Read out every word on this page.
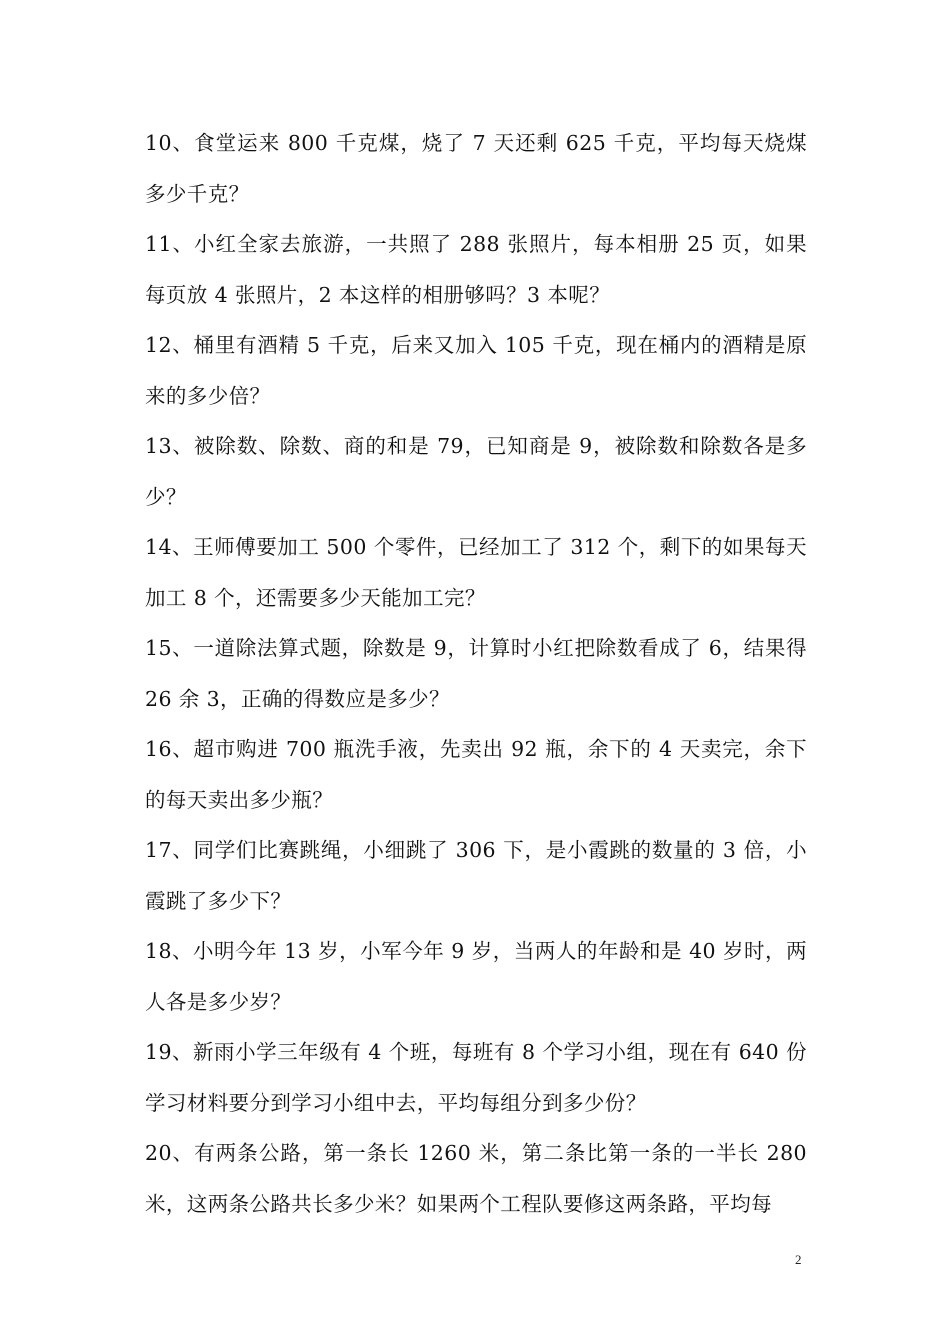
10、食堂运来 800 千克煤，烧了 7 天还剩 625 千克，平均每天烧煤多少千克？
11、小红全家去旅游，一共照了 288 张照片，每本相册 25 页，如果每页放 4 张照片，2 本这样的相册够吗？3 本呢？
12、桶里有酒精 5 千克，后来又加入 105 千克，现在桶内的酒精是原来的多少倍？
13、被除数、除数、商的和是 79，已知商是 9，被除数和除数各是多少？
14、王师傅要加工 500 个零件，已经加工了 312 个，剩下的如果每天加工 8 个，还需要多少天能加工完？
15、一道除法算式题，除数是 9，计算时小红把除数看成了 6，结果得 26 余 3，正确的得数应是多少？
16、超市购进 700 瓶洗手液，先卖出 92 瓶，余下的 4 天卖完，余下的每天卖出多少瓶？
17、同学们比赛跳绳，小细跳了 306 下，是小霞跳的数量的 3 倍，小霞跳了多少下？
18、小明今年 13 岁，小军今年 9 岁，当两人的年龄和是 40 岁时，两人各是多少岁？
19、新雨小学三年级有 4 个班，每班有 8 个学习小组，现在有 640 份学习材料要分到学习小组中去，平均每组分到多少份？
20、有两条公路，第一条长 1260 米，第二条比第一条的一半长 280 米，这两条公路共长多少米？如果两个工程队要修这两条路，平均每
2
